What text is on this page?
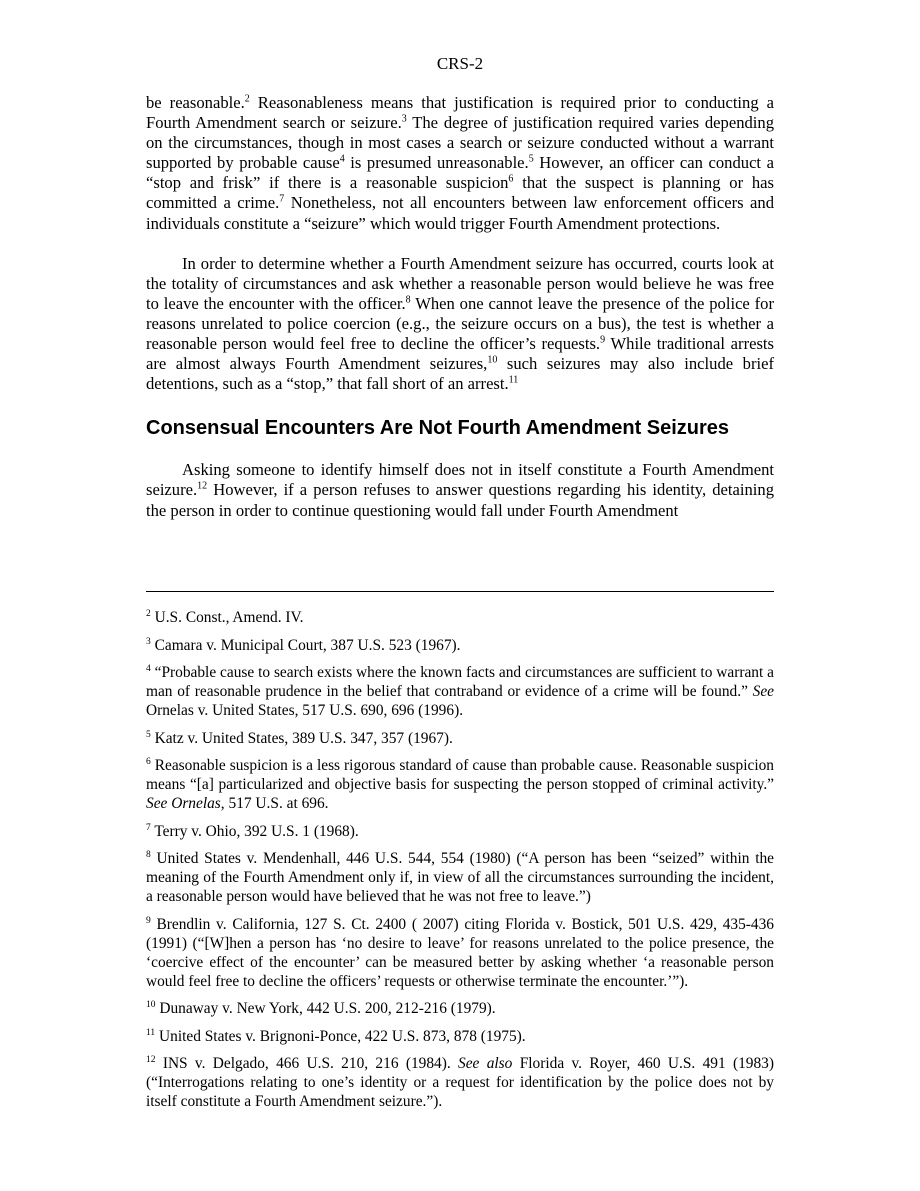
CRS-2

be reasonable.$^2$ Reasonableness means that justification is required prior to conducting a Fourth Amendment search or seizure.$^3$ The degree of justification required varies depending on the circumstances, though in most cases a search or seizure conducted without a warrant supported by probable cause$^4$ is presumed unreasonable.$^5$ However, an officer can conduct a “stop and frisk” if there is a reasonable suspicion$^6$ that the suspect is planning or has committed a crime.$^7$ Nonetheless, not all encounters between law enforcement officers and individuals constitute a “seizure” which would trigger Fourth Amendment protections.

In order to determine whether a Fourth Amendment seizure has occurred, courts look at the totality of circumstances and ask whether a reasonable person would believe he was free to leave the encounter with the officer.$^8$ When one cannot leave the presence of the police for reasons unrelated to police coercion (e.g., the seizure occurs on a bus), the test is whether a reasonable person would feel free to decline the officer’s requests.$^9$ While traditional arrests are almost always Fourth Amendment seizures,$^{10}$ such seizures may also include brief detentions, such as a “stop,” that fall short of an arrest.$^{11}$

Consensual Encounters Are Not Fourth Amendment Seizures

Asking someone to identify himself does not in itself constitute a Fourth Amendment seizure.$^{12}$ However, if a person refuses to answer questions regarding his identity, detaining the person in order to continue questioning would fall under Fourth Amendment

$^2$ U.S. Const., Amend. IV.

$^3$ Camara v. Municipal Court, 387 U.S. 523 (1967).

$^4$ “Probable cause to search exists where the known facts and circumstances are sufficient to warrant a man of reasonable prudence in the belief that contraband or evidence of a crime will be found.” See Ornelas v. United States, 517 U.S. 690, 696 (1996).

$^5$ Katz v. United States, 389 U.S. 347, 357 (1967).

$^6$ Reasonable suspicion is a less rigorous standard of cause than probable cause. Reasonable suspicion means “[a] particularized and objective basis for suspecting the person stopped of criminal activity.” See Ornelas, 517 U.S. at 696.

$^7$ Terry v. Ohio, 392 U.S. 1 (1968).

$^8$ United States v. Mendenhall, 446 U.S. 544, 554 (1980) (“A person has been “seized” within the meaning of the Fourth Amendment only if, in view of all the circumstances surrounding the incident, a reasonable person would have believed that he was not free to leave.”)

$^9$ Brendlin v. California, 127 S. Ct. 2400 ( 2007) citing Florida v. Bostick, 501 U.S. 429, 435-436 (1991) (“[W]hen a person has ‘no desire to leave’ for reasons unrelated to the police presence, the ‘coercive effect of the encounter’ can be measured better by asking whether ‘a reasonable person would feel free to decline the officers’ requests or otherwise terminate the encounter.’”).

$^{10}$ Dunaway v. New York, 442 U.S. 200, 212-216 (1979).

$^{11}$ United States v. Brignoni-Ponce, 422 U.S. 873, 878 (1975).

$^{12}$ INS v. Delgado, 466 U.S. 210, 216 (1984). See also Florida v. Royer, 460 U.S. 491 (1983) (“Interrogations relating to one’s identity or a request for identification by the police does not by itself constitute a Fourth Amendment seizure.”).
